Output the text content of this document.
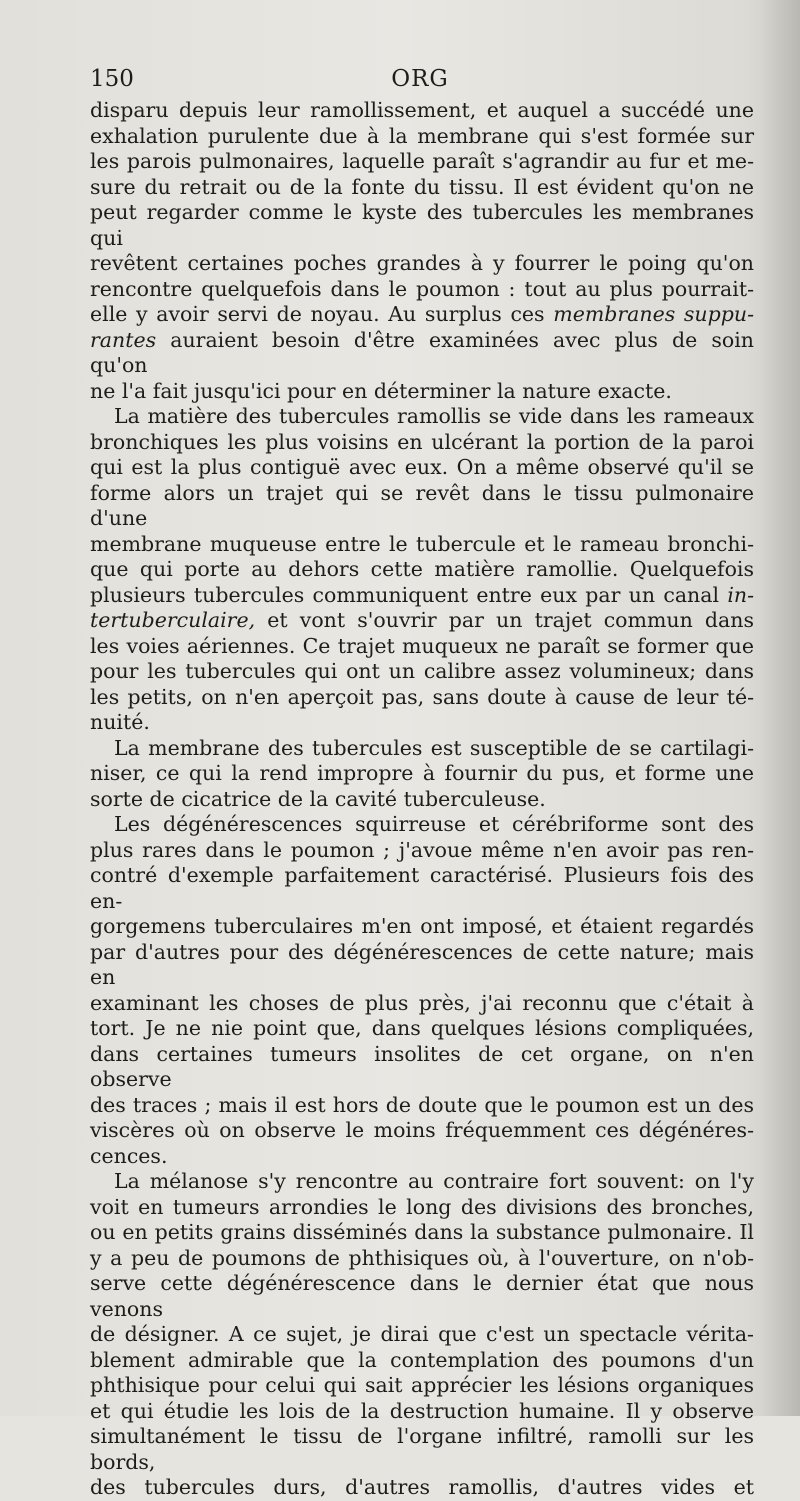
150	ORG

disparu depuis leur ramollissement, et auquel a succédé une

exhalation purulente due à la membrane qui s'est formée sur

les parois pulmonaires, laquelle paraît s'agrandir au fur et me-

sure du retrait ou de la fonte du tissu. Il est évident qu'on ne

peut regarder comme le kyste des tubercules les membranes qui

revêtent certaines poches grandes à y fourrer le poing qu'on

rencontre quelquefois dans le poumon : tout au plus pourrait-

elle y avoir servi de noyau. Au surplus ces membranes suppu-

rantes auraient besoin d'être examinées avec plus de soin qu'on

ne l'a fait jusqu'ici pour en déterminer la nature exacte.

La matière des tubercules ramollis se vide dans les rameaux

bronchiques les plus voisins en ulcérant la portion de la paroi

qui est la plus contiguë avec eux. On a même observé qu'il se

forme alors un trajet qui se revêt dans le tissu pulmonaire d'une

membrane muqueuse entre le tubercule et le rameau bronchi-

que qui porte au dehors cette matière ramollie. Quelquefois

plusieurs tubercules communiquent entre eux par un canal in-

tertuberculaire, et vont s'ouvrir par un trajet commun dans

les voies aériennes. Ce trajet muqueux ne paraît se former que

pour les tubercules qui ont un calibre assez volumineux; dans

les petits, on n'en aperçoit pas, sans doute à cause de leur té-

nuité.

La membrane des tubercules est susceptible de se cartilagi-

niser, ce qui la rend impropre à fournir du pus, et forme une

sorte de cicatrice de la cavité tuberculeuse.

Les dégénérescences squirreuse et cérébriforme sont des

plus rares dans le poumon ; j'avoue même n'en avoir pas ren-

contré d'exemple parfaitement caractérisé. Plusieurs fois des en-

gorgemens tuberculaires m'en ont imposé, et étaient regardés

par d'autres pour des dégénérescences de cette nature; mais en

examinant les choses de plus près, j'ai reconnu que c'était à

tort. Je ne nie point que, dans quelques lésions compliquées,

dans certaines tumeurs insolites de cet organe, on n'en observe

des traces ; mais il est hors de doute que le poumon est un des

viscères où on observe le moins fréquemment ces dégénéres-

cences.

La mélanose s'y rencontre au contraire fort souvent: on l'y

voit en tumeurs arrondies le long des divisions des bronches,

ou en petits grains disséminés dans la substance pulmonaire. Il

y a peu de poumons de phthisiques où, à l'ouverture, on n'ob-

serve cette dégénérescence dans le dernier état que nous venons

de désigner. A ce sujet, je dirai que c'est un spectacle vérita-

blement admirable que la contemplation des poumons d'un

phthisique pour celui qui sait apprécier les lésions organiques

et qui étudie les lois de la destruction humaine. Il y observe

simultanément le tissu de l'organe infiltré, ramolli sur les bords,

des tubercules durs, d'autres ramollis, d'autres vides et
